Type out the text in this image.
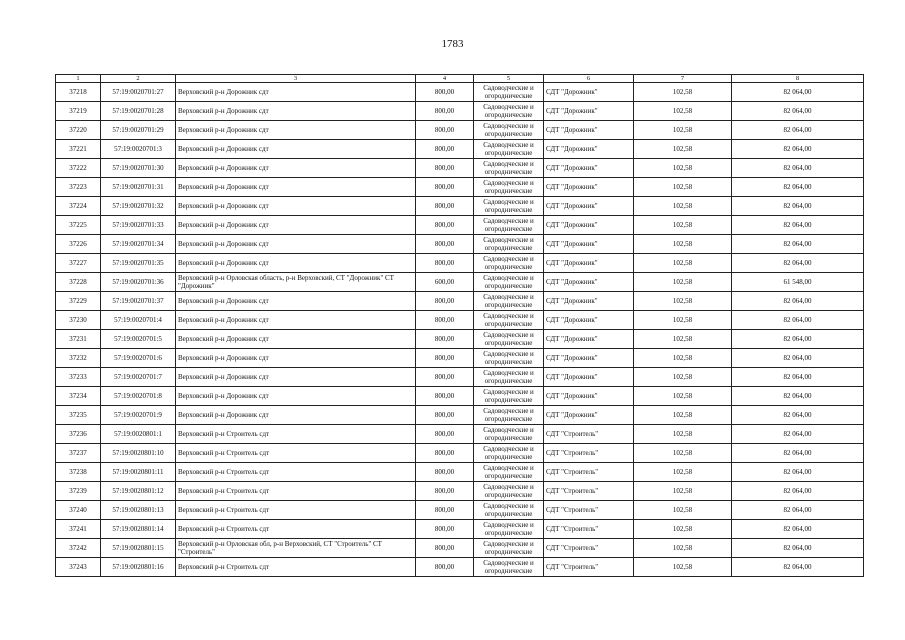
1783
1	2	3	4	5	6	7	8
37218	57:19:0020701:27	Верховский р-н Дорожник сдт	800,00	Садоводческие и огороднические	СДТ "Дорожник"	102,58	82 064,00
37219	57:19:0020701:28	Верховский р-н Дорожник сдт	800,00	Садоводческие и огороднические	СДТ "Дорожник"	102,58	82 064,00
37220	57:19:0020701:29	Верховский р-н Дорожник сдт	800,00	Садоводческие и огороднические	СДТ "Дорожник"	102,58	82 064,00
37221	57:19:0020701:3	Верховский р-н Дорожник сдт	800,00	Садоводческие и огороднические	СДТ "Дорожник"	102,58	82 064,00
37222	57:19:0020701:30	Верховский р-н Дорожник сдт	800,00	Садоводческие и огороднические	СДТ "Дорожник"	102,58	82 064,00
37223	57:19:0020701:31	Верховский р-н Дорожник сдт	800,00	Садоводческие и огороднические	СДТ "Дорожник"	102,58	82 064,00
37224	57:19:0020701:32	Верховский р-н Дорожник сдт	800,00	Садоводческие и огороднические	СДТ "Дорожник"	102,58	82 064,00
37225	57:19:0020701:33	Верховский р-н Дорожник сдт	800,00	Садоводческие и огороднические	СДТ "Дорожник"	102,58	82 064,00
37226	57:19:0020701:34	Верховский р-н Дорожник сдт	800,00	Садоводческие и огороднические	СДТ "Дорожник"	102,58	82 064,00
37227	57:19:0020701:35	Верховский р-н Дорожник сдт	800,00	Садоводческие и огороднические	СДТ "Дорожник"	102,58	82 064,00
37228	57:19:0020701:36	Верховский р-н Орловская область, р-н Верховский, СТ "Дорожник" СТ "Дорожник"	600,00	Садоводческие и огороднические	СДТ "Дорожник"	102,58	61 548,00
37229	57:19:0020701:37	Верховский р-н Дорожник сдт	800,00	Садоводческие и огороднические	СДТ "Дорожник"	102,58	82 064,00
37230	57:19:0020701:4	Верховский р-н Дорожник сдт	800,00	Садоводческие и огороднические	СДТ "Дорожник"	102,58	82 064,00
37231	57:19:0020701:5	Верховский р-н Дорожник сдт	800,00	Садоводческие и огороднические	СДТ "Дорожник"	102,58	82 064,00
37232	57:19:0020701:6	Верховский р-н Дорожник сдт	800,00	Садоводческие и огороднические	СДТ "Дорожник"	102,58	82 064,00
37233	57:19:0020701:7	Верховский р-н Дорожник сдт	800,00	Садоводческие и огороднические	СДТ "Дорожник"	102,58	82 064,00
37234	57:19:0020701:8	Верховский р-н Дорожник сдт	800,00	Садоводческие и огороднические	СДТ "Дорожник"	102,58	82 064,00
37235	57:19:0020701:9	Верховский р-н Дорожник сдт	800,00	Садоводческие и огороднические	СДТ "Дорожник"	102,58	82 064,00
37236	57:19:0020801:1	Верховский р-н Строитель сдт	800,00	Садоводческие и огороднические	СДТ "Строитель"	102,58	82 064,00
37237	57:19:0020801:10	Верховский р-н Строитель сдт	800,00	Садоводческие и огороднические	СДТ "Строитель"	102,58	82 064,00
37238	57:19:0020801:11	Верховский р-н Строитель сдт	800,00	Садоводческие и огороднические	СДТ "Строитель"	102,58	82 064,00
37239	57:19:0020801:12	Верховский р-н Строитель сдт	800,00	Садоводческие и огороднические	СДТ "Строитель"	102,58	82 064,00
37240	57:19:0020801:13	Верховский р-н Строитель сдт	800,00	Садоводческие и огороднические	СДТ "Строитель"	102,58	82 064,00
37241	57:19:0020801:14	Верховский р-н Строитель сдт	800,00	Садоводческие и огороднические	СДТ "Строитель"	102,58	82 064,00
37242	57:19:0020801:15	Верховский р-н Орловская обл, р-н Верховский, СТ "Строитель" СТ "Строитель"	800,00	Садоводческие и огороднические	СДТ "Строитель"	102,58	82 064,00
37243	57:19:0020801:16	Верховский р-н Строитель сдт	800,00	Садоводческие и огороднические	СДТ "Строитель"	102,58	82 064,00
